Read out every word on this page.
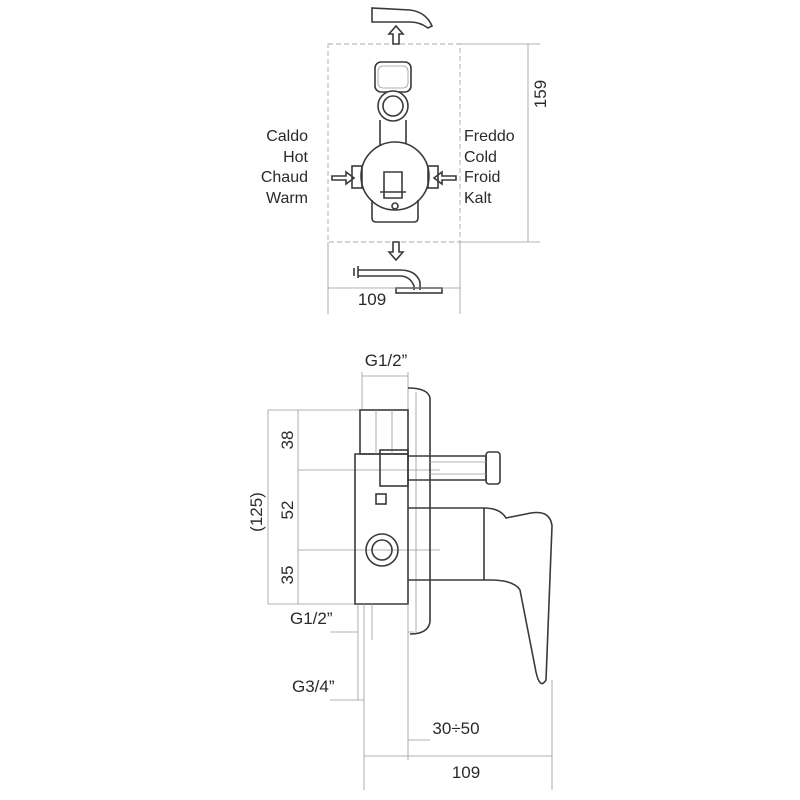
159
109
Caldo
Hot
Chaud
Warm
Freddo
Cold
Froid
Kalt
G1/2”
(125)
38
52
35
G1/2”
G3/4”
30÷50
109
